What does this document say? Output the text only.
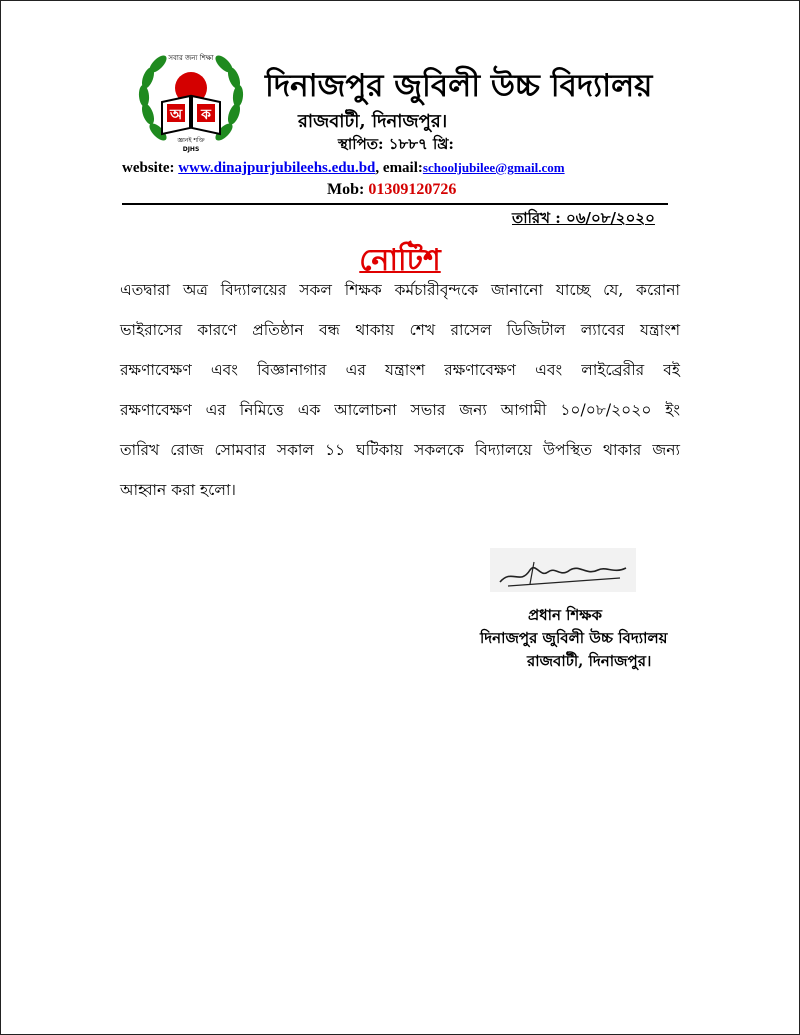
অ ক
সবার জন্য শিক্ষা
জ্ঞানই শক্তি
DJHS
দিনাজপুর জুবিলী উচ্চ বিদ্যালয়
রাজবাটী, দিনাজপুর।
স্থাপিত: ১৮৮৭ খ্রি:
website: www.dinajpurjubileehs.edu.bd, email:schooljubilee@gmail.com
Mob: 01309120726
তারিখ : ০৬/০৮/২০২০
নোটিশ
এতদ্বারা অত্র বিদ্যালয়ের সকল শিক্ষক কর্মচারীবৃন্দকে জানানো যাচ্ছে যে, করোনা
ভাইরাসের কারণে প্রতিষ্ঠান বন্ধ থাকায় শেখ রাসেল ডিজিটাল ল্যাবের যন্ত্রাংশ
রক্ষণাবেক্ষণ এবং বিজ্ঞানাগার এর যন্ত্রাংশ রক্ষণাবেক্ষণ এবং লাইব্রেরীর বই
রক্ষণাবেক্ষণ এর নিমিত্তে এক আলোচনা সভার জন্য আগামী ১০/০৮/২০২০ ইং
তারিখ রোজ সোমবার সকাল ১১ ঘটিকায় সকলকে বিদ্যালয়ে উপস্থিত থাকার জন্য
আহ্বান করা হলো।
প্রধান শিক্ষক
দিনাজপুর জুবিলী উচ্চ বিদ্যালয়
রাজবাটী, দিনাজপুর।
